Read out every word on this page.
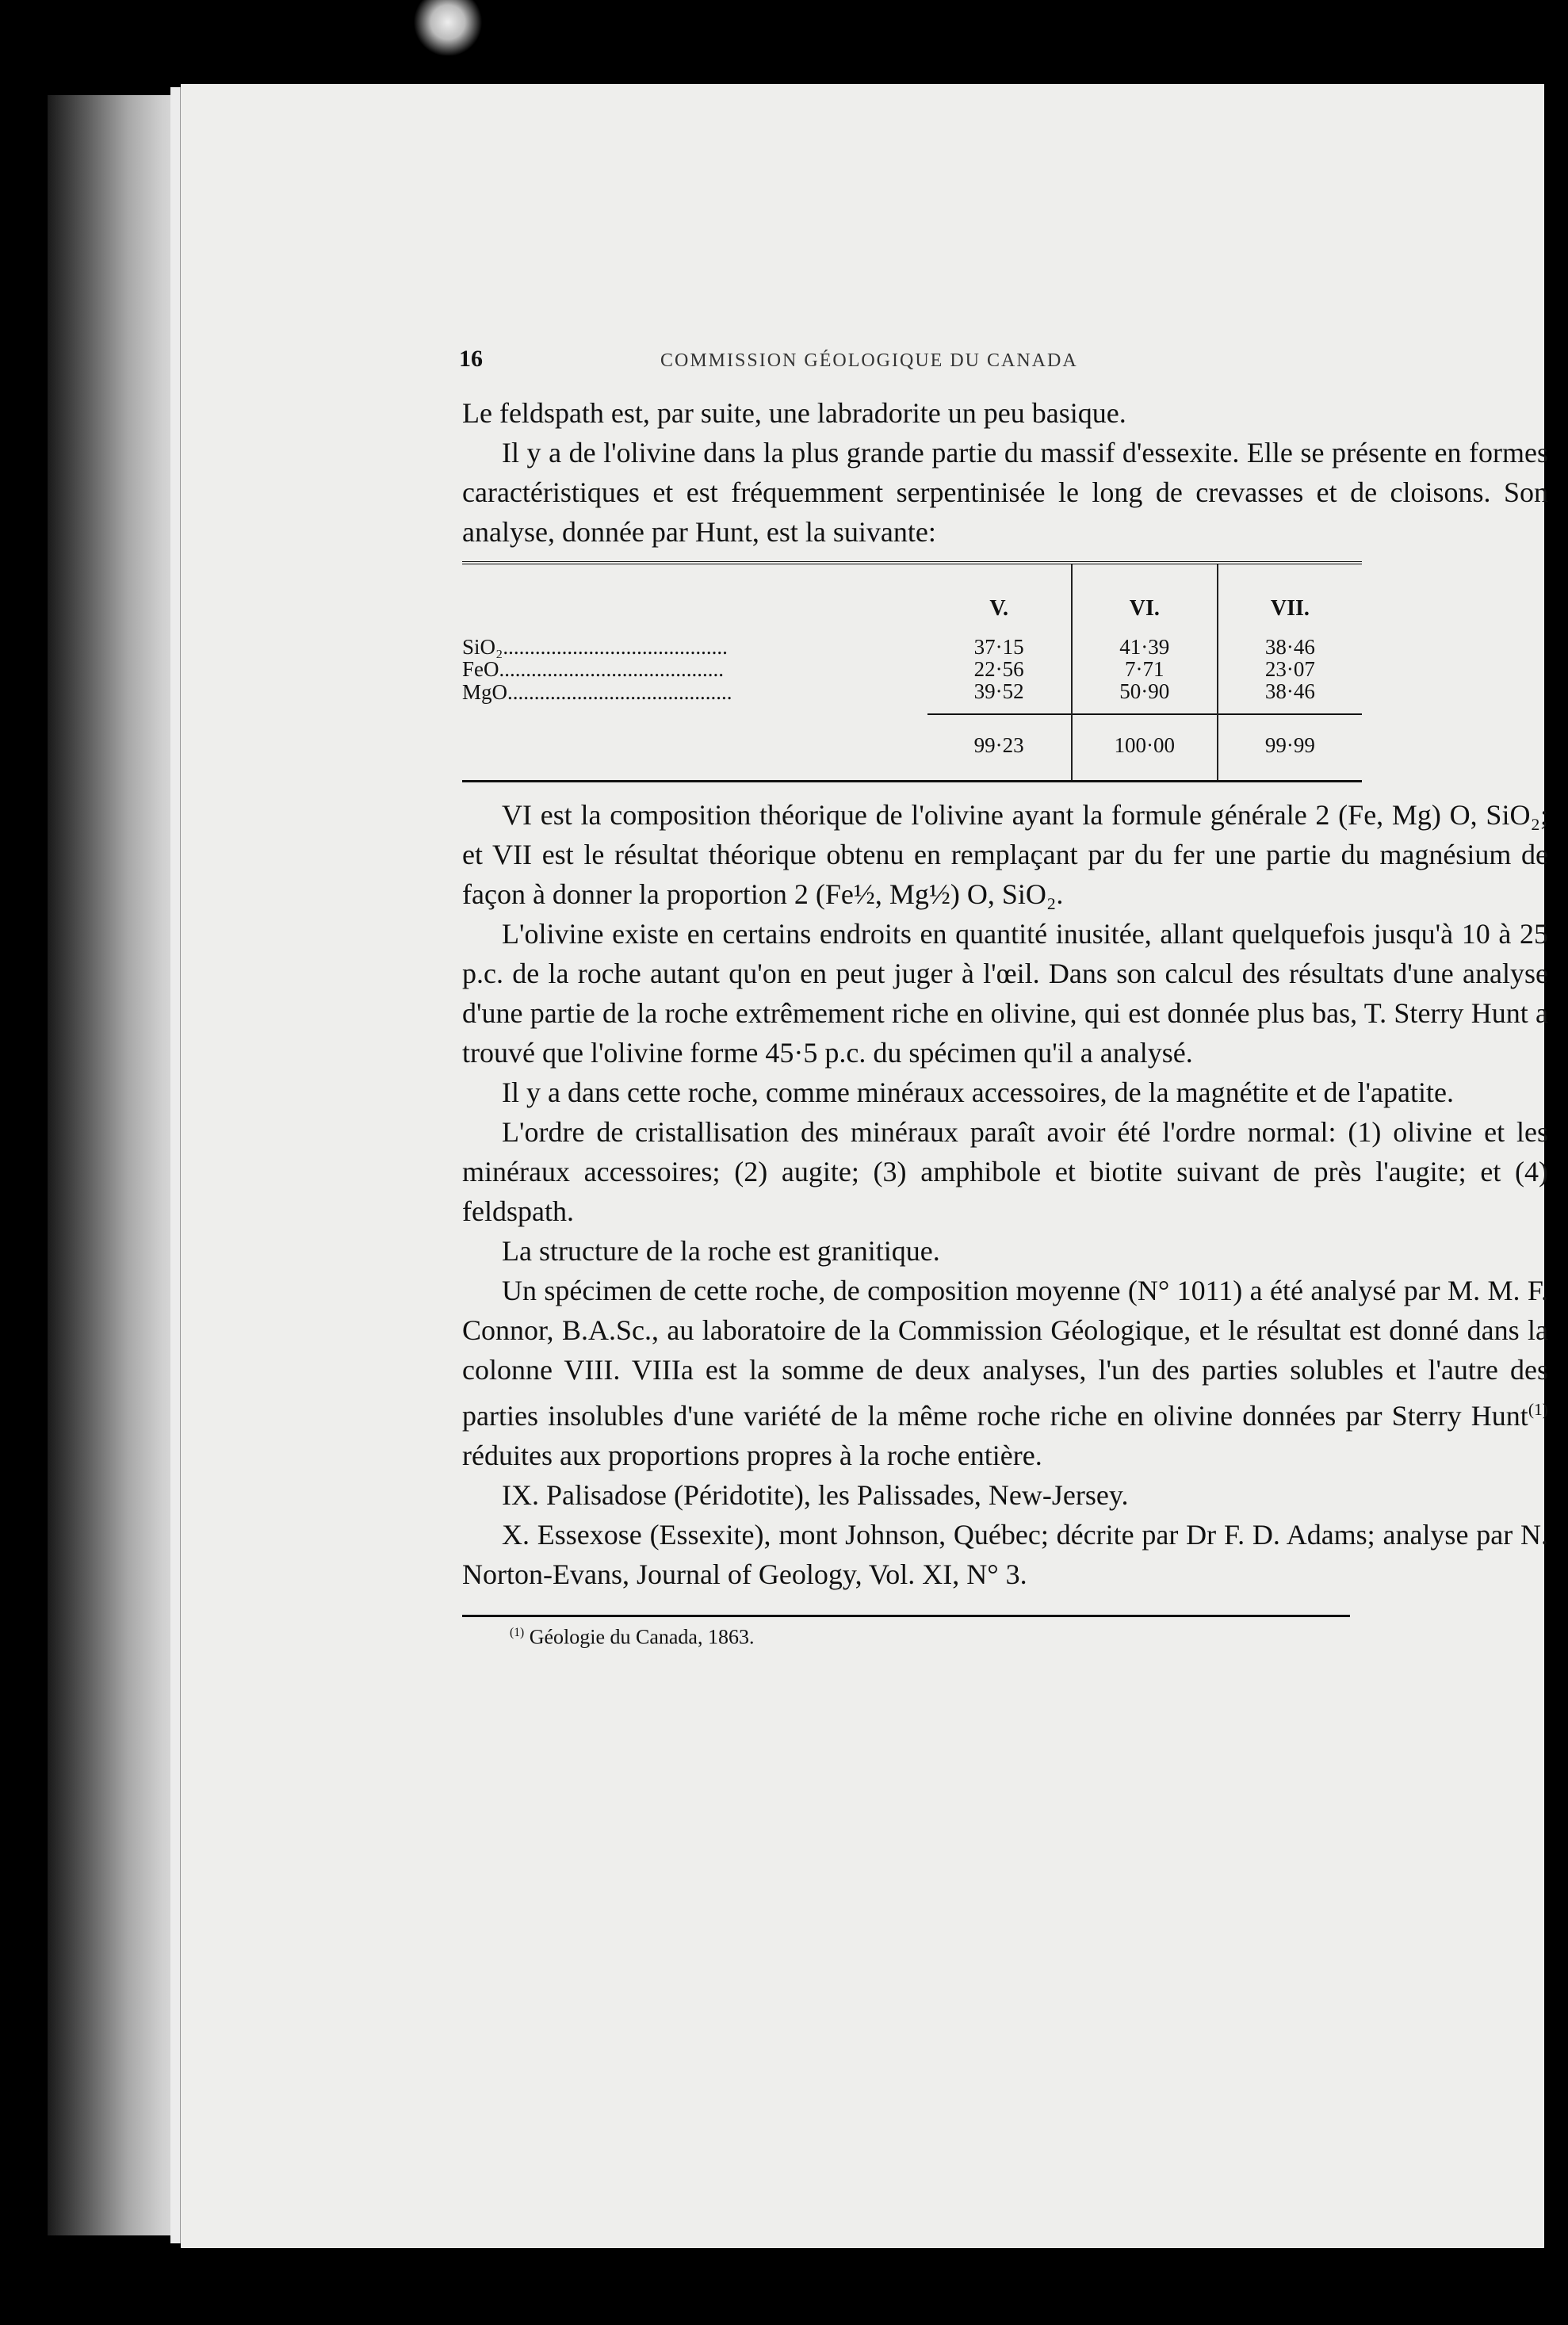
16	COMMISSION GÉOLOGIQUE DU CANADA

Le feldspath est, par suite, une labradorite un peu basique.

Il y a de l'olivine dans la plus grande partie du massif d'essexite. Elle se présente en formes caractéristiques et est fréquemment serpentinisée le long de crevasses et de cloisons. Son analyse, donnée par Hunt, est la suivante:

	V.	VI.	VII.
SiO₂..........................................	37·15	41·39	38·46
FeO..........................................	22·56	7·71	23·07
MgO..........................................	39·52	50·90	38·46
	99·23	100·00	99·99

VI est la composition théorique de l'olivine ayant la formule générale 2 (Fe, Mg) O, SiO₂; et VII est le résultat théorique obtenu en remplaçant par du fer une partie du magnésium de façon à donner la proportion 2 (Fe½, Mg½) O, SiO₂.

L'olivine existe en certains endroits en quantité inusitée, allant quelquefois jusqu'à 10 à 25 p.c. de la roche autant qu'on en peut juger à l'œil. Dans son calcul des résultats d'une analyse d'une partie de la roche extrêmement riche en olivine, qui est donnée plus bas, T. Sterry Hunt a trouvé que l'olivine forme 45·5 p.c. du spécimen qu'il a analysé.

Il y a dans cette roche, comme minéraux accessoires, de la magnétite et de l'apatite.

L'ordre de cristallisation des minéraux paraît avoir été l'ordre normal: (1) olivine et les minéraux accessoires; (2) augite; (3) amphibole et biotite suivant de près l'augite; et (4) feldspath.

La structure de la roche est granitique.

Un spécimen de cette roche, de composition moyenne (N° 1011) a été analysé par M. M. F. Connor, B.A.Sc., au laboratoire de la Commission Géologique, et le résultat est donné dans la colonne VIII. VIIIa est la somme de deux analyses, l'un des parties solubles et l'autre des parties insolubles d'une variété de la même roche riche en olivine données par Sterry Hunt$^{(1)}$ réduites aux proportions propres à la roche entière.

IX. Palisadose (Péridotite), les Palissades, New-Jersey.

X. Essexose (Essexite), mont Johnson, Québec; décrite par Dr F. D. Adams; analyse par N. Norton-Evans, Journal of Geology, Vol. XI, N° 3.

$^{(1)}$ Géologie du Canada, 1863.
